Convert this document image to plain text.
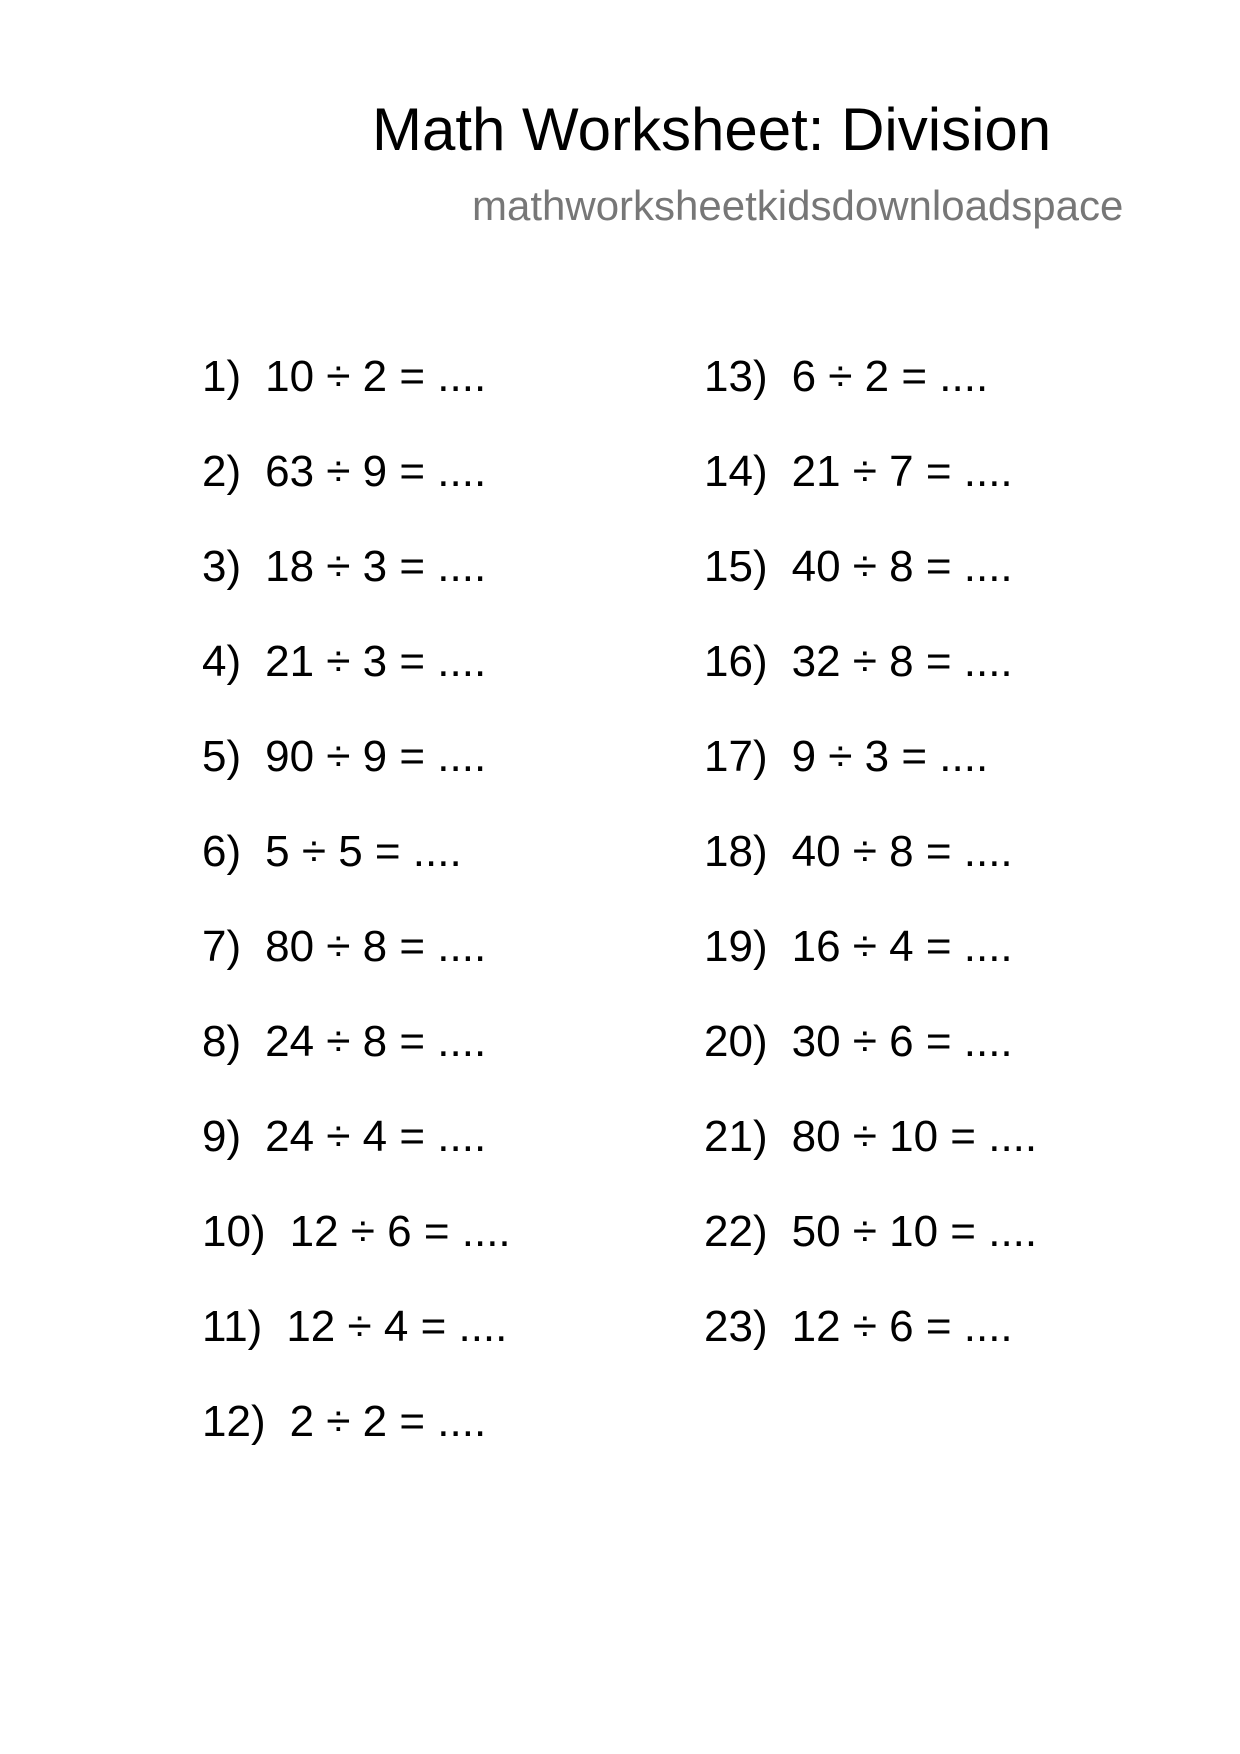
Math Worksheet: Division
mathworksheetkidsdownloadspace
1) 10 ÷ 2 = ....
2) 63 ÷ 9 = ....
3) 18 ÷ 3 = ....
4) 21 ÷ 3 = ....
5) 90 ÷ 9 = ....
6) 5 ÷ 5 = ....
7) 80 ÷ 8 = ....
8) 24 ÷ 8 = ....
9) 24 ÷ 4 = ....
10) 12 ÷ 6 = ....
11) 12 ÷ 4 = ....
12) 2 ÷ 2 = ....
13) 6 ÷ 2 = ....
14) 21 ÷ 7 = ....
15) 40 ÷ 8 = ....
16) 32 ÷ 8 = ....
17) 9 ÷ 3 = ....
18) 40 ÷ 8 = ....
19) 16 ÷ 4 = ....
20) 30 ÷ 6 = ....
21) 80 ÷ 10 = ....
22) 50 ÷ 10 = ....
23) 12 ÷ 6 = ....
